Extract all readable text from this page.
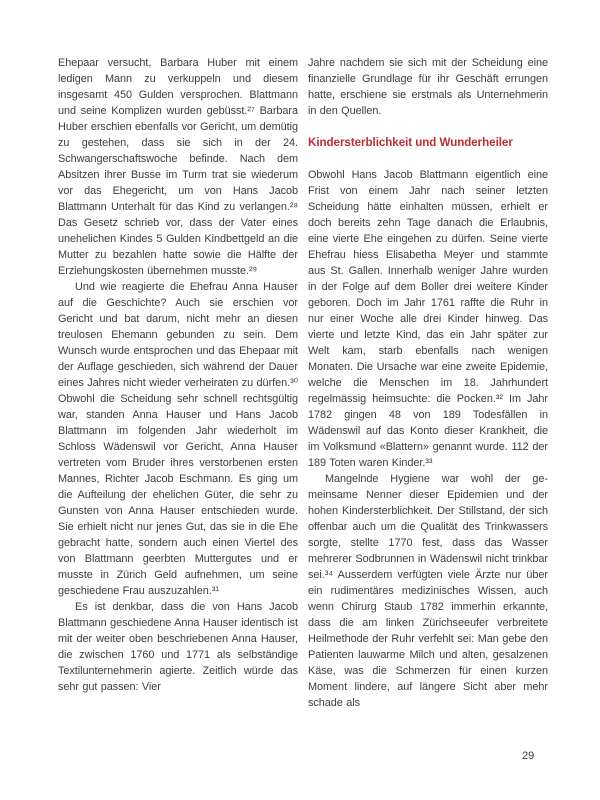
Ehepaar versucht, Barbara Huber mit einem ledigen Mann zu verkuppeln und diesem insgesamt 450 Gulden versprochen. Blattmann und seine Komplizen wurden gebüsst.²⁷ Barbara Huber erschien ebenfalls vor Gericht, um demütig zu gestehen, dass sie sich in der 24. Schwangerschaftswoche befinde. Nach dem Absitzen ihrer Busse im Turm trat sie wiederum vor das Ehegericht, um von Hans Jacob Blattmann Unterhalt für das Kind zu verlangen.²⁸ Das Gesetz schrieb vor, dass der Vater eines unehelichen Kindes 5 Gulden Kindbettgeld an die Mutter zu bezahlen hatte sowie die Hälfte der Erziehungskosten übernehmen musste.²⁹

Und wie reagierte die Ehefrau Anna Hauser auf die Geschichte? Auch sie erschien vor Gericht und bat darum, nicht mehr an diesen treulosen Ehemann gebunden zu sein. Dem Wunsch wurde entsprochen und das Ehepaar mit der Auflage geschieden, sich während der Dauer eines Jahres nicht wieder verheiraten zu dürfen.³⁰ Obwohl die Scheidung sehr schnell rechtsgültig war, standen Anna Hauser und Hans Jacob Blattmann im folgenden Jahr wiederholt im Schloss Wädenswil vor Gericht, Anna Hauser vertreten vom Bruder ihres verstorbenen ersten Mannes, Richter Jacob Eschmann. Es ging um die Aufteilung der ehelichen Güter, die sehr zu Gunsten von Anna Hauser entschieden wurde. Sie erhielt nicht nur jenes Gut, das sie in die Ehe gebracht hatte, sondern auch einen Viertel des von Blattmann geerbten Muttergutes und er musste in Zürich Geld aufnehmen, um seine geschiedene Frau auszuzahlen.³¹

Es ist denkbar, dass die von Hans Jacob Blattmann geschiedene Anna Hauser identisch ist mit der weiter oben beschriebenen Anna Hauser, die zwischen 1760 und 1771 als selbständige Textilunternehmerin agierte. Zeitlich würde das sehr gut passen: Vier

Jahre nachdem sie sich mit der Scheidung eine finanzielle Grundlage für ihr Geschäft errungen hatte, erschiene sie erstmals als Unternehmerin in den Quellen.

Kindersterblichkeit und Wunderheiler

Obwohl Hans Jacob Blattmann eigentlich eine Frist von einem Jahr nach seiner letzten Scheidung hätte einhalten müssen, erhielt er doch bereits zehn Tage danach die Erlaubnis, eine vierte Ehe eingehen zu dürfen. Seine vierte Ehefrau hiess Elisabetha Meyer und stammte aus St. Gallen. Innerhalb weniger Jahre wurden in der Folge auf dem Boller drei weitere Kinder geboren. Doch im Jahr 1761 raffte die Ruhr in nur einer Woche alle drei Kinder hinweg. Das vierte und letzte Kind, das ein Jahr später zur Welt kam, starb ebenfalls nach wenigen Monaten. Die Ursache war eine zweite Epidemie, welche die Menschen im 18. Jahrhundert regelmässig heimsuchte: die Pocken.³² Im Jahr 1782 gingen 48 von 189 Todesfällen in Wädenswil auf das Konto dieser Krankheit, die im Volksmund «Blattern» genannt wurde. 112 der 189 Toten waren Kinder.³³

Mangelnde Hygiene war wohl der gemeinsame Nenner dieser Epidemien und der hohen Kindersterblichkeit. Der Stillstand, der sich offenbar auch um die Qualität des Trinkwassers sorgte, stellte 1770 fest, dass das Wasser mehrerer Sodbrunnen in Wädenswil nicht trinkbar sei.³⁴ Ausserdem verfügten viele Ärzte nur über ein rudimentäres medizinisches Wissen, auch wenn Chirurg Staub 1782 immerhin erkannte, dass die am linken Zürichseeufer verbreitete Heilmethode der Ruhr verfehlt sei: Man gebe den Patienten lauwarme Milch und alten, gesalzenen Käse, was die Schmerzen für einen kurzen Moment lindere, auf längere Sicht aber mehr schade als

29
